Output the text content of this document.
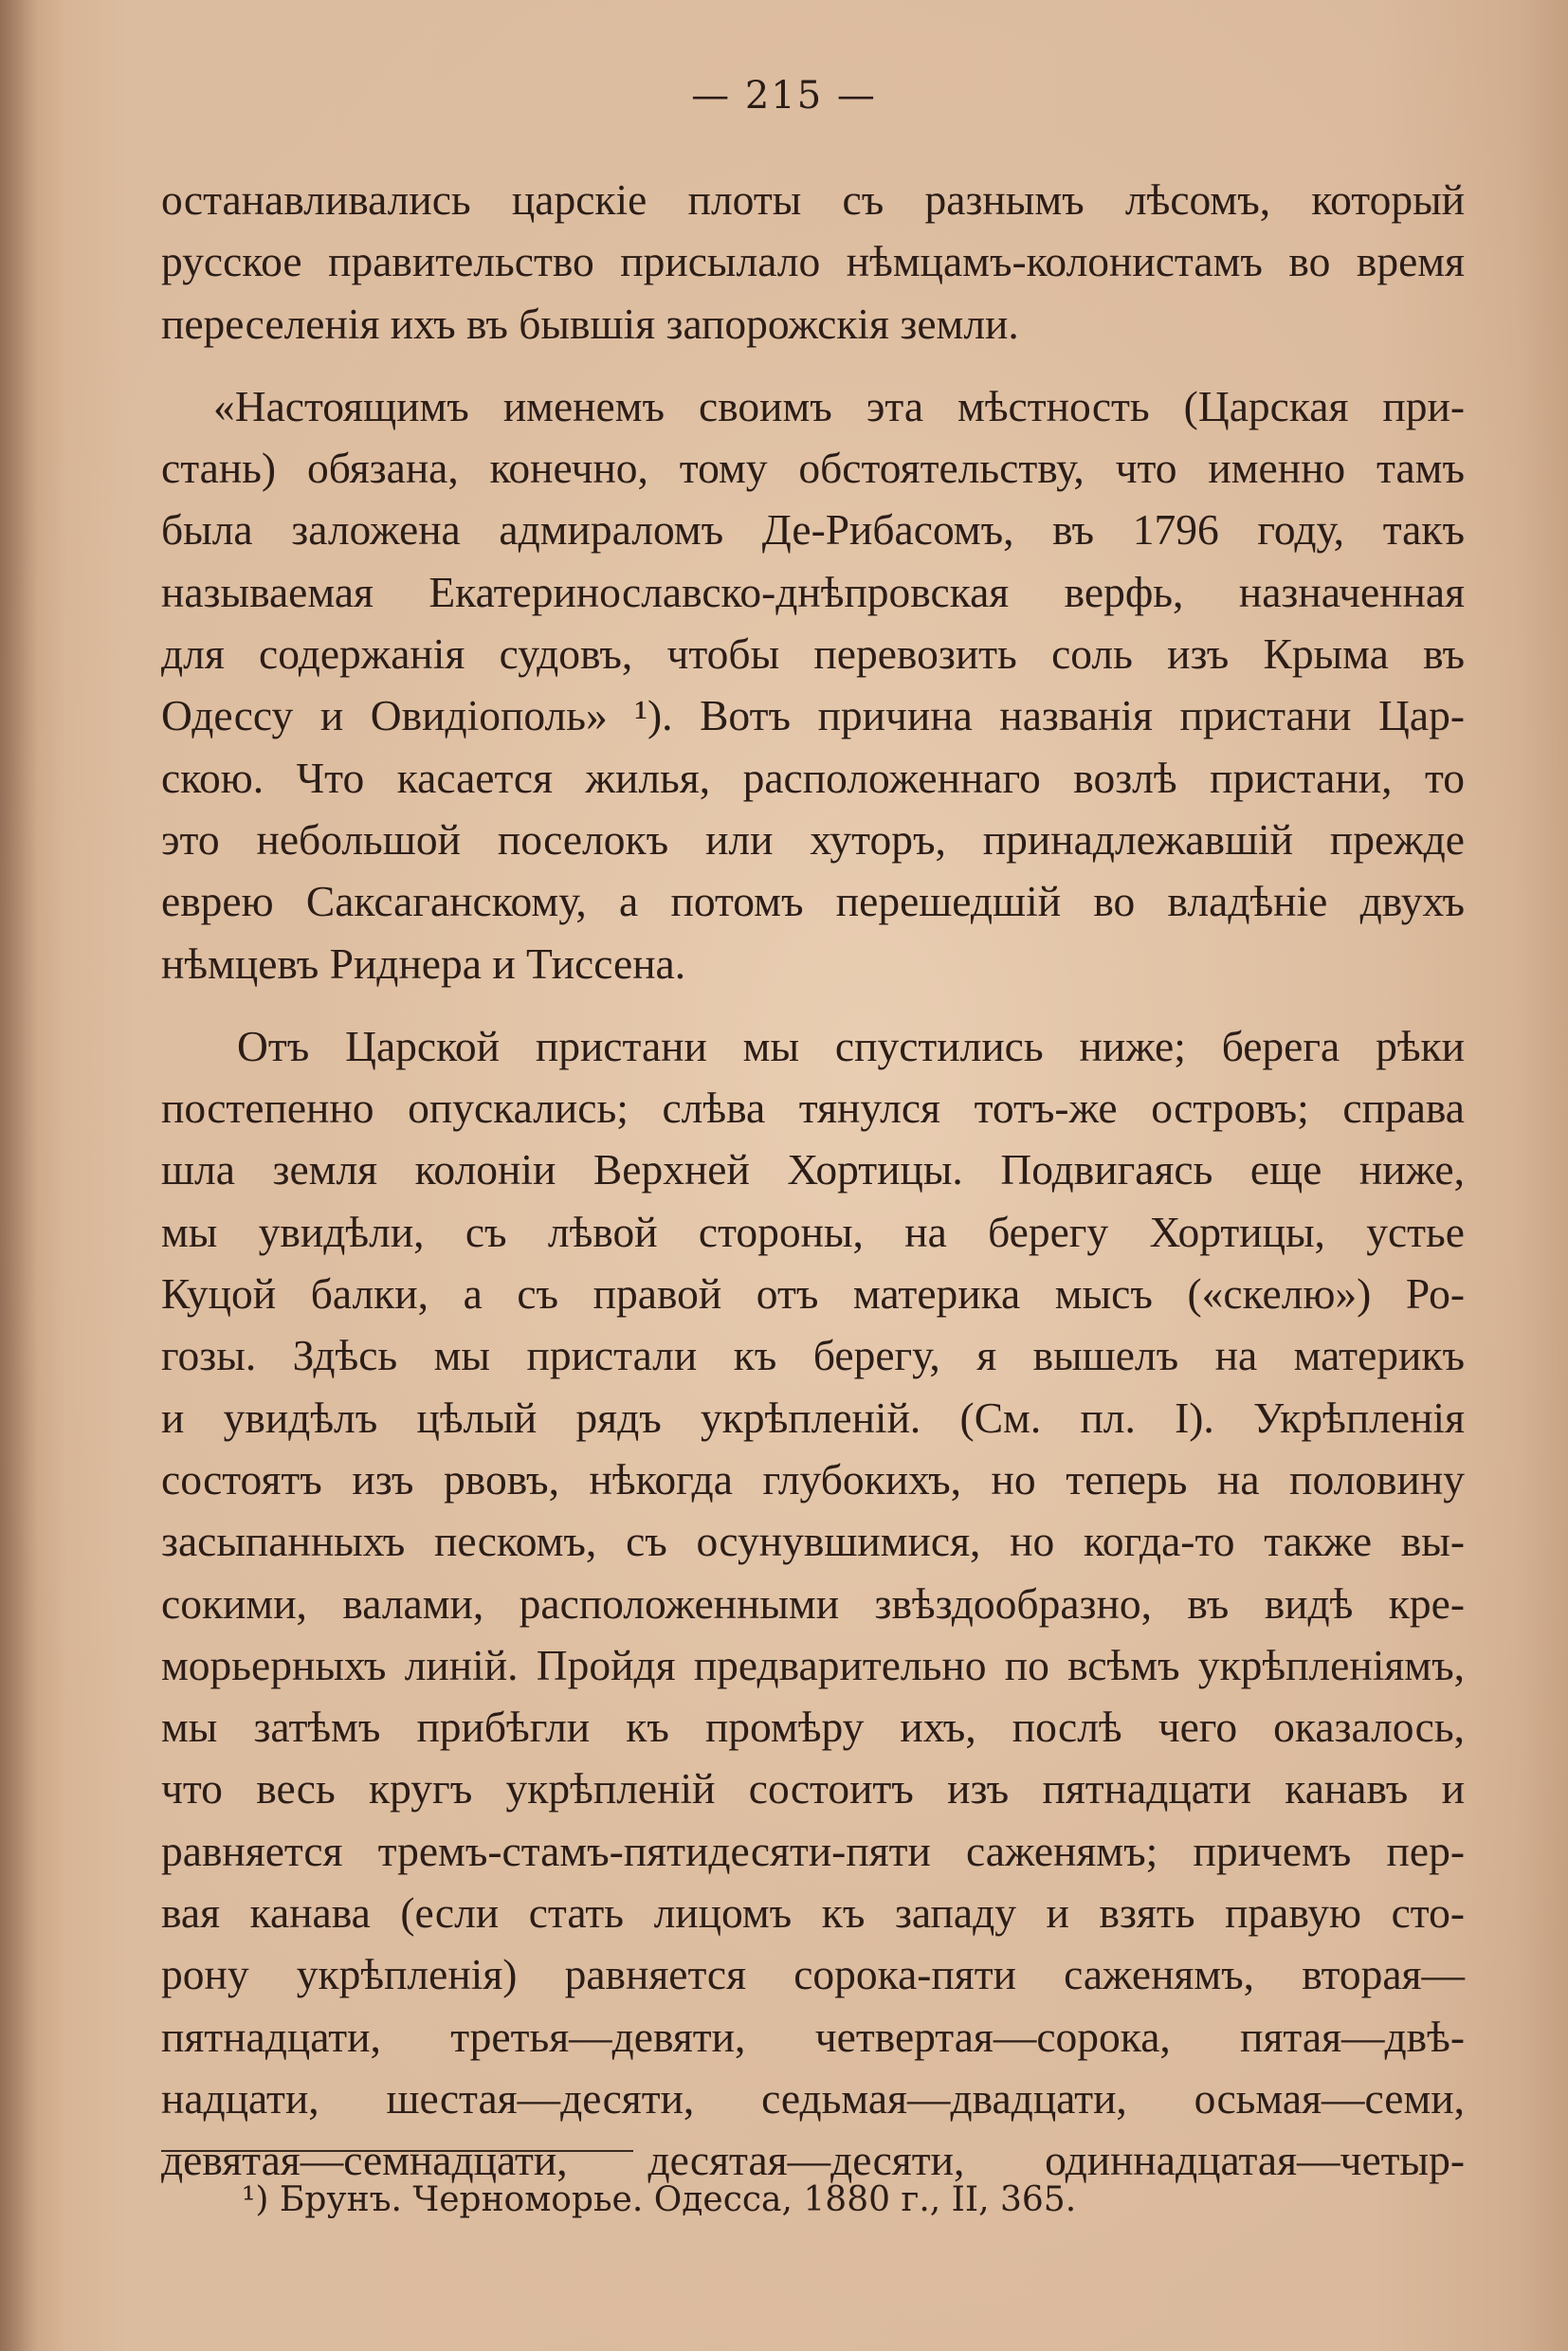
— 215 —
останавливались царскіе плоты съ разнымъ лѣсомъ, который
русское правительство присылало нѣмцамъ-колонистамъ во время
переселенія ихъ въ бывшія запорожскія земли.
«Настоящимъ именемъ своимъ эта мѣстность (Царская при-
стань) обязана, конечно, тому обстоятельству, что именно тамъ
была заложена адмираломъ Де-Рибасомъ, въ 1796 году, такъ
называемая Екатеринославско-днѣпровская верфь, назначенная
для содержанія судовъ, чтобы перевозить соль изъ Крыма въ
Одессу и Овидіополь» ¹). Вотъ причина названія пристани Цар-
скою. Что касается жилья, расположеннаго возлѣ пристани, то
это небольшой поселокъ или хуторъ, принадлежавшій прежде
еврею Саксаганскому, а потомъ перешедшій во владѣніе двухъ
нѣмцевъ Риднера и Тиссена.
Отъ Царской пристани мы спустились ниже; берега рѣки
постепенно опускались; слѣва тянулся тотъ-же островъ; справа
шла земля колоніи Верхней Хортицы. Подвигаясь еще ниже,
мы увидѣли, съ лѣвой стороны, на берегу Хортицы, устье
Куцой балки, а съ правой отъ материка мысъ («скелю») Ро-
гозы. Здѣсь мы пристали къ берегу, я вышелъ на материкъ
и увидѣлъ цѣлый рядъ укрѣпленій. (См. пл. I). Укрѣпленія
состоятъ изъ рвовъ, нѣкогда глубокихъ, но теперь на половину
засыпанныхъ пескомъ, съ осунувшимися, но когда-то также вы-
сокими, валами, расположенными звѣздообразно, въ видѣ кре-
морьерныхъ линій. Пройдя предварительно по всѣмъ укрѣпленіямъ,
мы затѣмъ прибѣгли къ промѣру ихъ, послѣ чего оказалось,
что весь кругъ укрѣпленій состоитъ изъ пятнадцати канавъ и
равняется тремъ-стамъ-пятидесяти-пяти саженямъ; причемъ пер-
вая канава (если стать лицомъ къ западу и взять правую сто-
рону укрѣпленія) равняется сорока-пяти саженямъ, вторая—
пятнадцати, третья—девяти, четвертая—сорока, пятая—двѣ-
надцати, шестая—десяти, седьмая—двадцати, осьмая—семи,
девятая—семнадцати, десятая—десяти, одиннадцатая—четыр-
¹) Брунъ. Черноморье. Одесса, 1880 г., II, 365.
